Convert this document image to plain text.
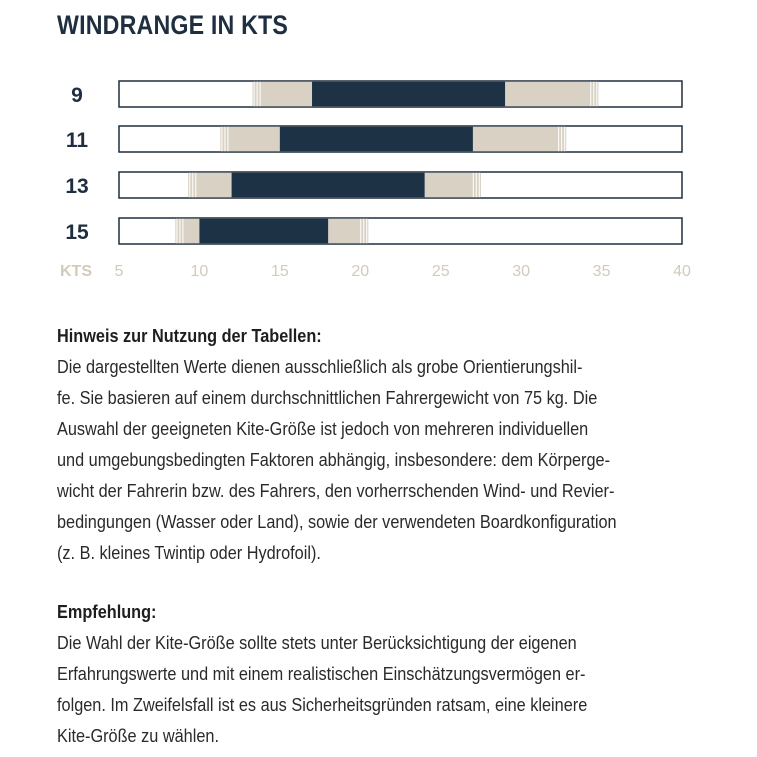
WINDRANGE IN KTS
9
11
13
15
KTS 5	10	15	20	25	30	35	40
Hinweis zur Nutzung der Tabellen:
Die dargestellten Werte dienen ausschließlich als grobe Orientierungshil-
fe. Sie basieren auf einem durchschnittlichen Fahrergewicht von 75 kg. Die
Auswahl der geeigneten Kite-Größe ist jedoch von mehreren individuellen
und umgebungsbedingten Faktoren abhängig, insbesondere: dem Körperge-
wicht der Fahrerin bzw. des Fahrers, den vorherrschenden Wind- und Revier-
bedingungen (Wasser oder Land), sowie der verwendeten Boardkonfiguration
(z. B. kleines Twintip oder Hydrofoil).
Empfehlung:
Die Wahl der Kite-Größe sollte stets unter Berücksichtigung der eigenen
Erfahrungswerte und mit einem realistischen Einschätzungsvermögen er-
folgen. Im Zweifelsfall ist es aus Sicherheitsgründen ratsam, eine kleinere
Kite-Größe zu wählen.
